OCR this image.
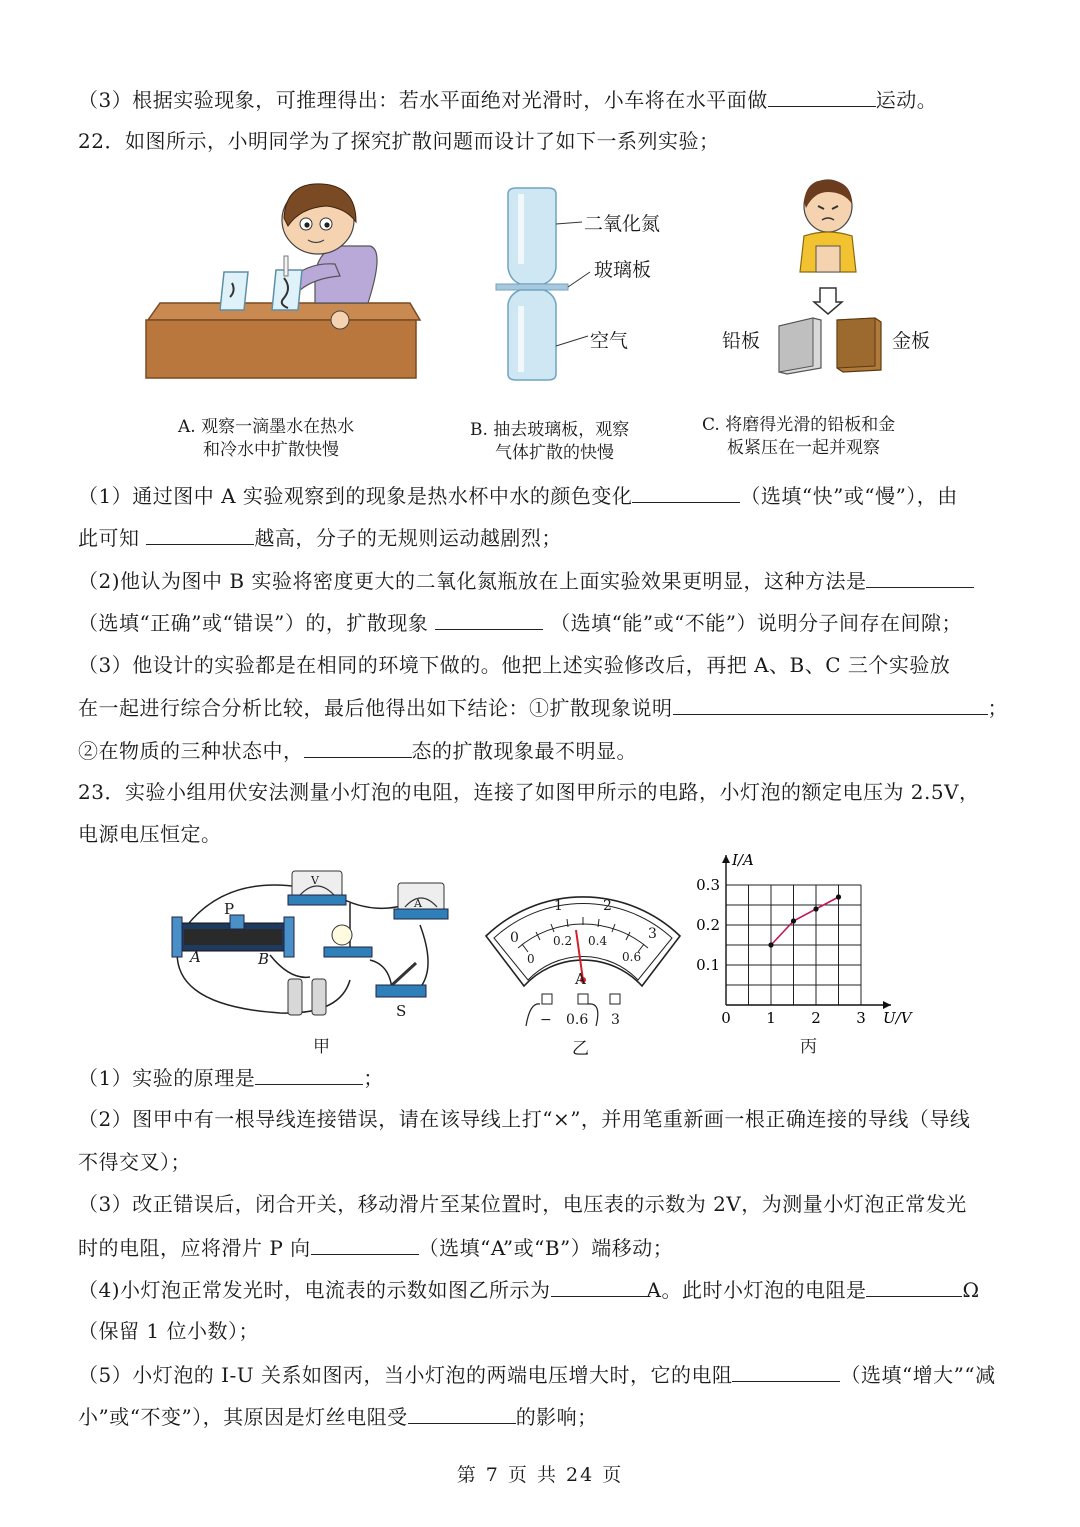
（3）根据实验现象，可推理得出：若水平面绝对光滑时，小车将在水平面做	运动。
22．如图所示，小明同学为了探究扩散问题而设计了如下一系列实验；
二氧化氮
玻璃板
空气	铅板	金板
A. 观察一滴墨水在热水
和冷水中扩散快慢
B. 抽去玻璃板，观察
气体扩散的快慢
C. 将磨得光滑的铅板和金
板紧压在一起并观察
（1）通过图中 A 实验观察到的现象是热水杯中水的颜色变化	（选填“快”或“慢”），由
此可知	越高，分子的无规则运动越剧烈；
（2)他认为图中 B 实验将密度更大的二氧化氮瓶放在上面实验效果更明显，这种方法是
（选填“正确”或“错误”）的，扩散现象	（选填“能”或“不能”）说明分子间存在间隙；
（3）他设计的实验都是在相同的环境下做的。他把上述实验修改后，再把 A、B、C 三个实验放
在一起进行综合分析比较，最后他得出如下结论：①扩散现象说明	；
②在物质的三种状态中，	态的扩散现象最不明显。
23．实验小组用伏安法测量小灯泡的电阻，连接了如图甲所示的电路，小灯泡的额定电压为 2.5V，
电源电压恒定。
P
A	B
S
V
A
甲
0
1	2
3
0
0.2 0.4
0.6
A
− 0.6 3
乙
0 1 2 3
0.1
0.2
0.3
U/V
I/A
丙
（1）实验的原理是	；
（2）图甲中有一根导线连接错误，请在该导线上打“×”，并用笔重新画一根正确连接的导线（导线
不得交叉）；
（3）改正错误后，闭合开关，移动滑片至某位置时，电压表的示数为 2V，为测量小灯泡正常发光
时的电阻，应将滑片 P 向	（选填“A”或“B”）端移动；
（4)小灯泡正常发光时，电流表的示数如图乙所示为	A。此时小灯泡的电阻是	Ω
（保留 1 位小数）；
（5）小灯泡的 I-U 关系如图丙，当小灯泡的两端电压增大时，它的电阻	（选填“增大”“减
小”或“不变”），其原因是灯丝电阻受	的影响；
第 7 页 共 24 页
